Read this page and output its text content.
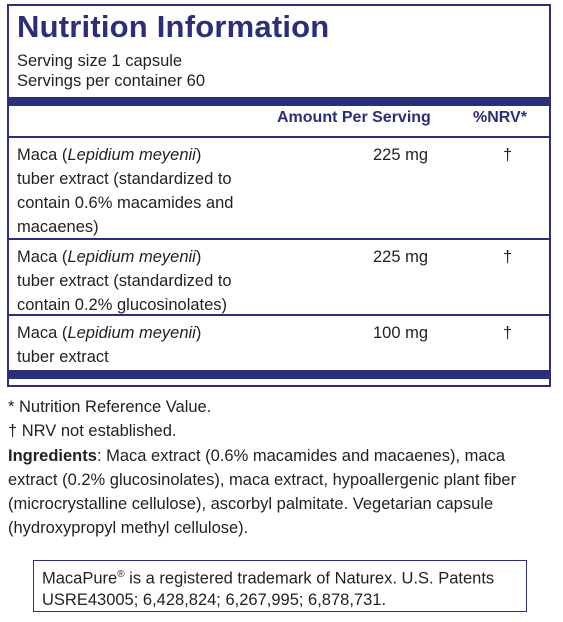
Nutrition Information
Serving size 1 capsule
Servings per container 60
Amount Per Serving	%NRV*

Maca (Lepidium meyenii)

tuber extract (standardized to

contain 0.6% macamides and

macaenes)

225 mg	†

Maca (Lepidium meyenii)

tuber extract (standardized to

contain 0.2% glucosinolates)

225 mg	†

Maca (Lepidium meyenii)

tuber extract

100 mg	†
* Nutrition Reference Value.
† NRV not established.

Ingredients: Maca extract (0.6% macamides and macaenes), maca

extract (0.2% glucosinolates), maca extract, hypoallergenic plant fiber

(microcrystalline cellulose), ascorbyl palmitate. Vegetarian capsule

(hydroxypropyl methyl cellulose).

MacaPure® is a registered trademark of Naturex. U.S. Patents

USRE43005; 6,428,824; 6,267,995; 6,878,731.
